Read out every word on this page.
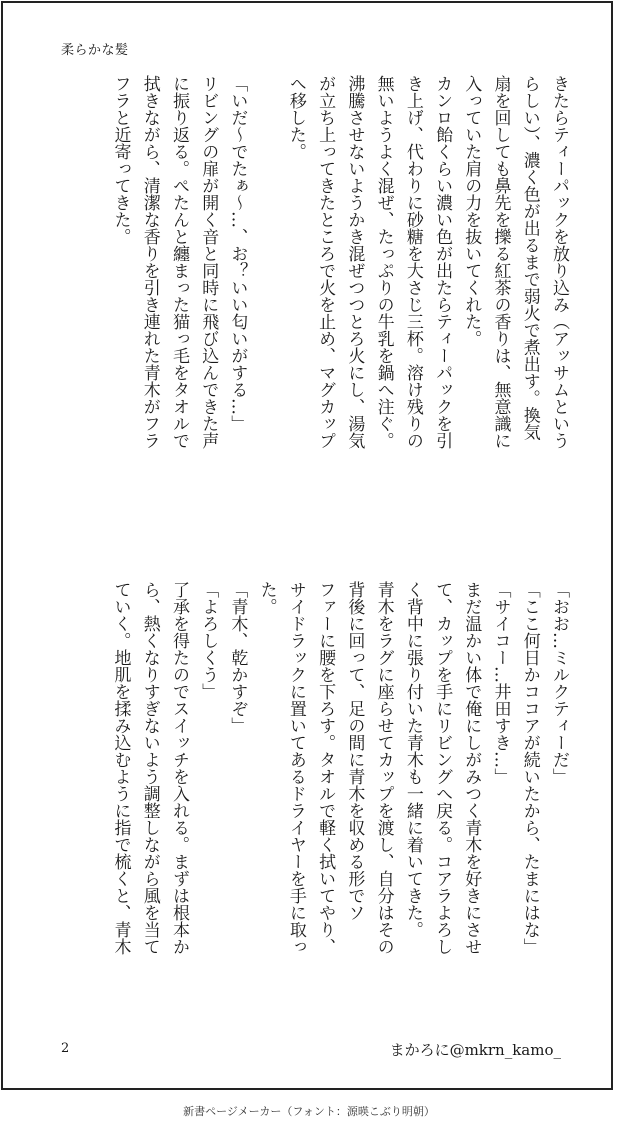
柔らかな髪

きたらティーパックを放り込み（アッサムという

らしい）、濃く色が出るまで弱火で煮出す。換気

扇を回しても鼻先を擽る紅茶の香りは、無意識に

入っていた肩の力を抜いてくれた。

カンロ飴くらい濃い色が出たらティーパックを引

き上げ、代わりに砂糖を大さじ三杯。溶け残りの

無いようよく混ぜ、たっぷりの牛乳を鍋へ注ぐ。

沸騰させないようかき混ぜつつとろ火にし、湯気

が立ち上ってきたところで火を止め、マグカップ

へ移した。

「いだ～でたぁ～…、お？いい匂いがする…」

リビングの扉が開く音と同時に飛び込んできた声

に振り返る。ぺたんと纏まった猫っ毛をタオルで

拭きながら、清潔な香りを引き連れた青木がフラ

フラと近寄ってきた。

「おお…ミルクティーだ」

「ここ何日かココアが続いたから、たまにはな」

「サイコー…井田すき…」

まだ温かい体で俺にしがみつく青木を好きにさせ

て、カップを手にリビングへ戻る。コアラよろし

く背中に張り付いた青木も一緒に着いてきた。

青木をラグに座らせてカップを渡し、自分はその

背後に回って、足の間に青木を収める形でソ

ファーに腰を下ろす。タオルで軽く拭いてやり、

サイドラックに置いてあるドライヤーを手に取っ

た。

「青木、乾かすぞ」

「よろしくう」

了承を得たのでスイッチを入れる。まずは根本か

ら、熱くなりすぎないよう調整しながら風を当て

ていく。地肌を揉み込むように指で梳くと、青木

2	まかろに@mkrn_kamo_
新書ページメーカー（フォント：源暎こぶり明朝）
